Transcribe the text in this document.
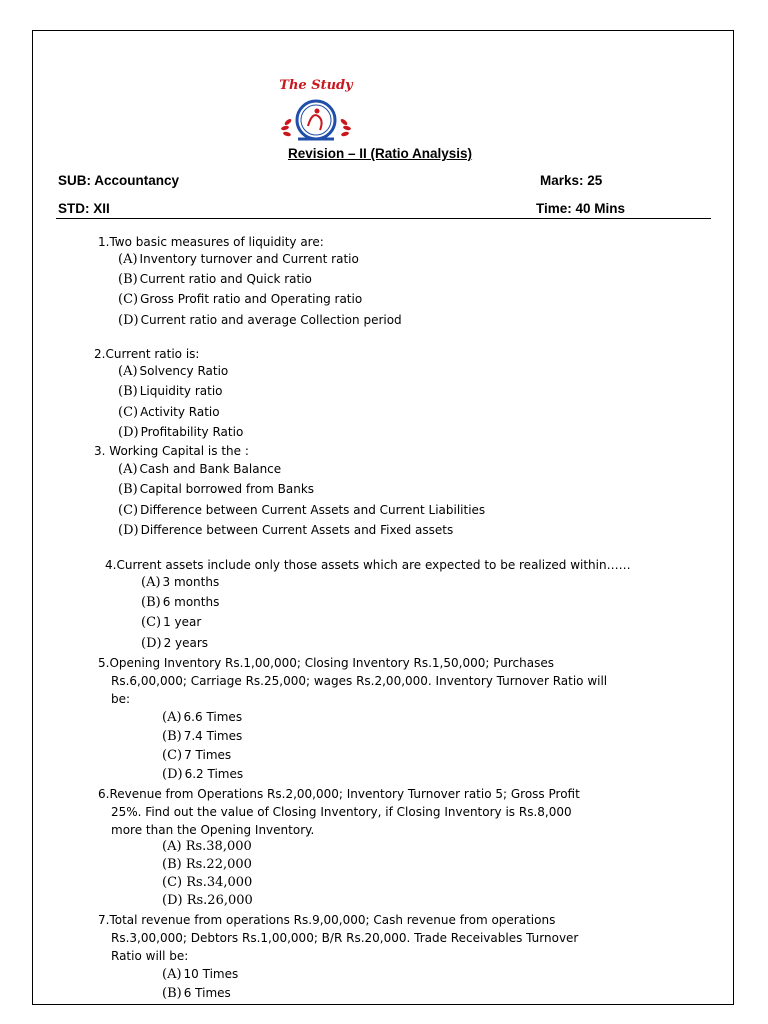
The Study
Revision – II (Ratio Analysis)
SUB: Accountancy	Marks: 25
STD: XII	Time: 40 Mins
1.Two basic measures of liquidity are:
(A) Inventory turnover and Current ratio
(B) Current ratio and Quick ratio
(C) Gross Profit ratio and Operating ratio
(D) Current ratio and average Collection period
2.Current ratio is:
(A) Solvency Ratio
(B) Liquidity ratio
(C) Activity Ratio
(D) Profitability Ratio
3. Working Capital is the :
(A) Cash and Bank Balance
(B) Capital borrowed from Banks
(C) Difference between Current Assets and Current Liabilities
(D) Difference between Current Assets and Fixed assets
4.Current assets include only those assets which are expected to be realized within……
(A) 3 months
(B) 6 months
(C) 1 year
(D) 2 years
5.Opening Inventory Rs.1,00,000; Closing Inventory Rs.1,50,000; Purchases
Rs.6,00,000; Carriage Rs.25,000; wages Rs.2,00,000. Inventory Turnover Ratio will
be:
(A) 6.6 Times
(B) 7.4 Times
(C) 7 Times
(D) 6.2 Times
6.Revenue from Operations Rs.2,00,000; Inventory Turnover ratio 5; Gross Profit
25%. Find out the value of Closing Inventory, if Closing Inventory is Rs.8,000
more than the Opening Inventory.
(A) Rs.38,000
(B) Rs.22,000
(C) Rs.34,000
(D) Rs.26,000
7.Total revenue from operations Rs.9,00,000; Cash revenue from operations
Rs.3,00,000; Debtors Rs.1,00,000; B/R Rs.20,000. Trade Receivables Turnover
Ratio will be:
(A) 10 Times
(B) 6 Times
